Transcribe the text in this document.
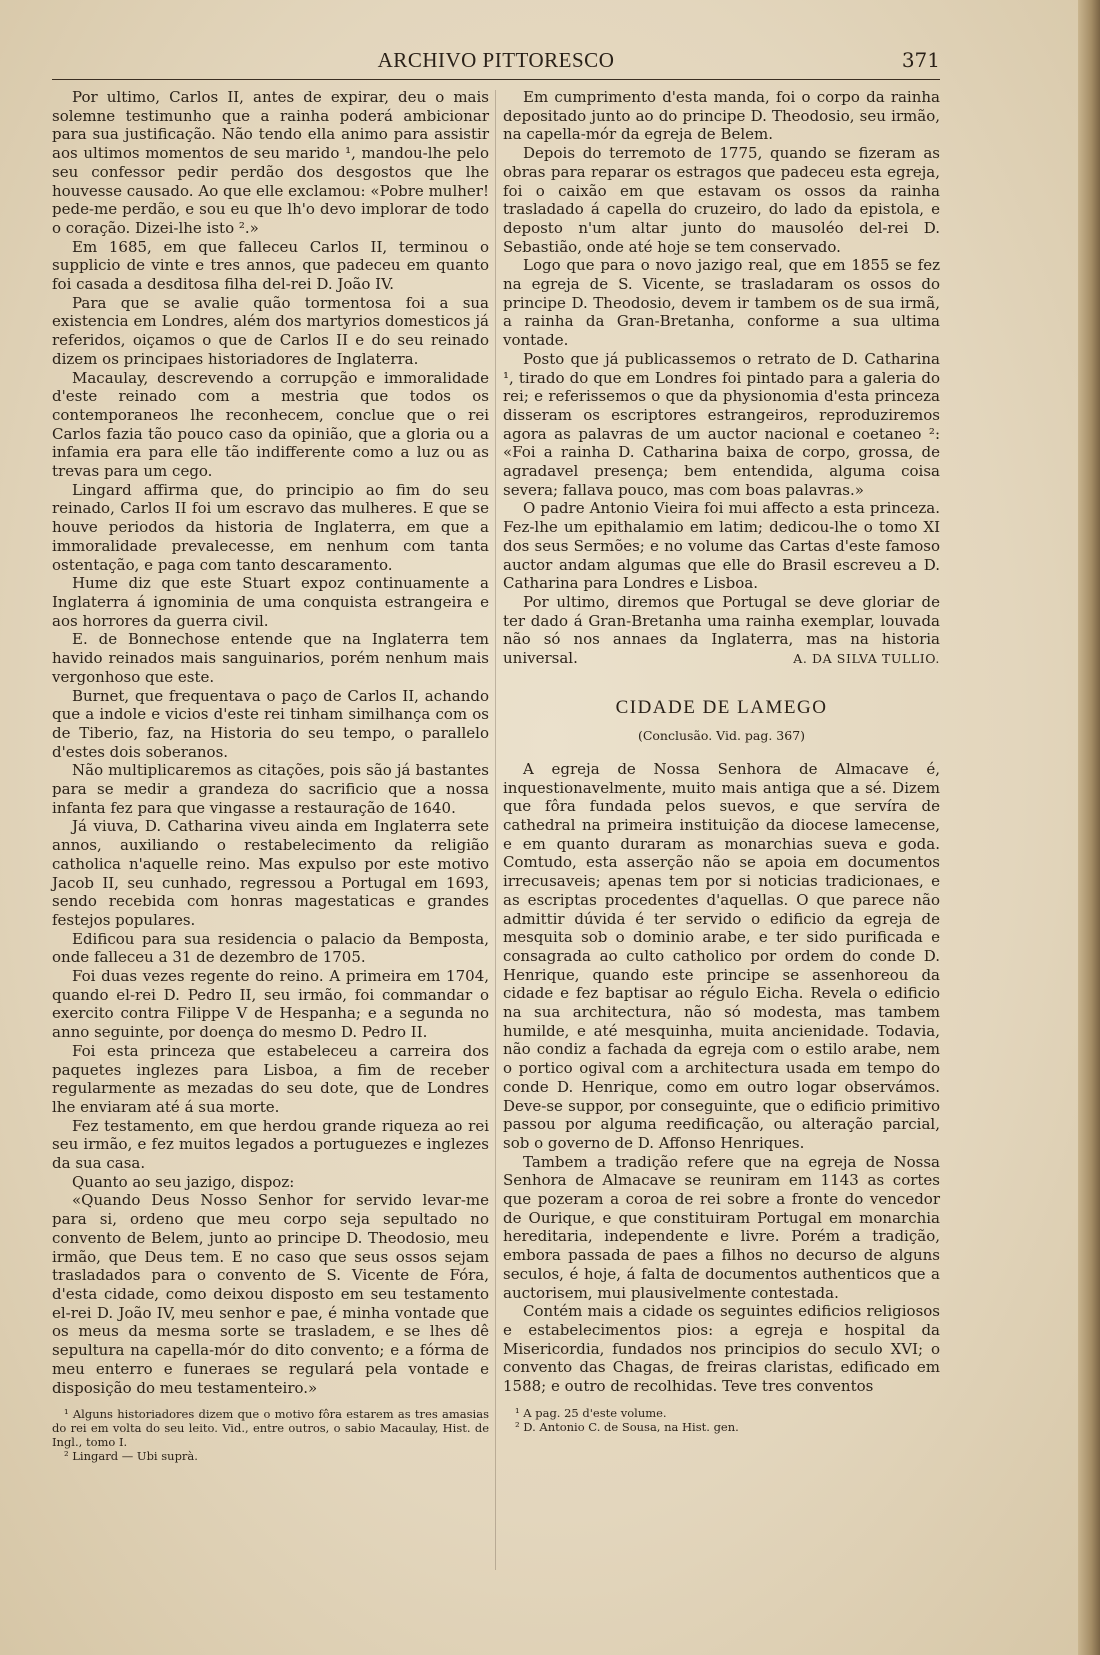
ARCHIVO PITTORESCO	371

Por ultimo, Carlos II, antes de expirar, deu o mais solemne testimunho que a rainha poderá ambicionar para sua justificação. Não tendo ella animo para assistir aos ultimos momentos de seu marido ¹, mandou-lhe pelo seu confessor pedir perdão dos desgostos que lhe houvesse causado. Ao que elle exclamou: «Pobre mulher! pede-me perdão, e sou eu que lh'o devo implorar de todo o coração. Dizei-lhe isto ².»

Em 1685, em que falleceu Carlos II, terminou o supplicio de vinte e tres annos, que padeceu em quanto foi casada a desditosa filha del-rei D. João IV.

Para que se avalie quão tormentosa foi a sua existencia em Londres, além dos martyrios domesticos já referidos, oiçamos o que de Carlos II e do seu reinado dizem os principaes historiadores de Inglaterra.

Macaulay, descrevendo a corrupção e immoralidade d'este reinado com a mestria que todos os contemporaneos lhe reconhecem, conclue que o rei Carlos fazia tão pouco caso da opinião, que a gloria ou a infamia era para elle tão indifferente como a luz ou as trevas para um cego.

Lingard affirma que, do principio ao fim do seu reinado, Carlos II foi um escravo das mulheres. E que se houve periodos da historia de Inglaterra, em que a immoralidade prevalecesse, em nenhum com tanta ostentação, e paga com tanto descaramento.

Hume diz que este Stuart expoz continuamente a Inglaterra á ignominia de uma conquista estrangeira e aos horrores da guerra civil.

E. de Bonnechose entende que na Inglaterra tem havido reinados mais sanguinarios, porém nenhum mais vergonhoso que este.

Burnet, que frequentava o paço de Carlos II, achando que a indole e vicios d'este rei tinham similhança com os de Tiberio, faz, na Historia do seu tempo, o parallelo d'estes dois soberanos.

Não multiplicaremos as citações, pois são já bastantes para se medir a grandeza do sacrificio que a nossa infanta fez para que vingasse a restauração de 1640.

Já viuva, D. Catharina viveu ainda em Inglaterra sete annos, auxiliando o restabelecimento da religião catholica n'aquelle reino. Mas expulso por este motivo Jacob II, seu cunhado, regressou a Portugal em 1693, sendo recebida com honras magestaticas e grandes festejos populares.

Edificou para sua residencia o palacio da Bemposta, onde falleceu a 31 de dezembro de 1705.

Foi duas vezes regente do reino. A primeira em 1704, quando el-rei D. Pedro II, seu irmão, foi commandar o exercito contra Filippe V de Hespanha; e a segunda no anno seguinte, por doença do mesmo D. Pedro II.

Foi esta princeza que estabeleceu a carreira dos paquetes inglezes para Lisboa, a fim de receber regularmente as mezadas do seu dote, que de Londres lhe enviaram até á sua morte.

Fez testamento, em que herdou grande riqueza ao rei seu irmão, e fez muitos legados a portuguezes e inglezes da sua casa.

Quanto ao seu jazigo, dispoz:

«Quando Deus Nosso Senhor for servido levar-me para si, ordeno que meu corpo seja sepultado no convento de Belem, junto ao principe D. Theodosio, meu irmão, que Deus tem. E no caso que seus ossos sejam trasladados para o convento de S. Vicente de Fóra, d'esta cidade, como deixou disposto em seu testamento el-rei D. João IV, meu senhor e pae, é minha vontade que os meus da mesma sorte se trasladem, e se lhes dê sepultura na capella-mór do dito convento; e a fórma de meu enterro e funeraes se regulará pela vontade e disposição do meu testamenteiro.»

¹ Alguns historiadores dizem que o motivo fôra estarem as tres amasias do rei em volta do seu leito. Vid., entre outros, o sabio Macaulay, Hist. de Ingl., tomo I.

² Lingard — Ubi suprà.

Em cumprimento d'esta manda, foi o corpo da rainha depositado junto ao do principe D. Theodosio, seu irmão, na capella-mór da egreja de Belem.

Depois do terremoto de 1775, quando se fizeram as obras para reparar os estragos que padeceu esta egreja, foi o caixão em que estavam os ossos da rainha trasladado á capella do cruzeiro, do lado da epistola, e deposto n'um altar junto do mausoléo del-rei D. Sebastião, onde até hoje se tem conservado.

Logo que para o novo jazigo real, que em 1855 se fez na egreja de S. Vicente, se trasladaram os ossos do principe D. Theodosio, devem ir tambem os de sua irmã, a rainha da Gran-Bretanha, conforme a sua ultima vontade.

Posto que já publicassemos o retrato de D. Catharina ¹, tirado do que em Londres foi pintado para a galeria do rei; e referissemos o que da physionomia d'esta princeza disseram os escriptores estrangeiros, reproduziremos agora as palavras de um auctor nacional e coetaneo ²: «Foi a rainha D. Catharina baixa de corpo, grossa, de agradavel presença; bem entendida, alguma coisa severa; fallava pouco, mas com boas palavras.»

O padre Antonio Vieira foi mui affecto a esta princeza. Fez-lhe um epithalamio em latim; dedicou-lhe o tomo XI dos seus Sermões; e no volume das Cartas d'este famoso auctor andam algumas que elle do Brasil escreveu a D. Catharina para Londres e Lisboa.

Por ultimo, diremos que Portugal se deve gloriar de ter dado á Gran-Bretanha uma rainha exemplar, louvada não só nos annaes da Inglaterra, mas na historia universal.	A. DA SILVA TULLIO.
CIDADE DE LAMEGO
(Conclusão. Vid. pag. 367)

A egreja de Nossa Senhora de Almacave é, inquestionavelmente, muito mais antiga que a sé. Dizem que fôra fundada pelos suevos, e que servíra de cathedral na primeira instituição da diocese lamecense, e em quanto duraram as monarchias sueva e goda. Comtudo, esta asserção não se apoia em documentos irrecusaveis; apenas tem por si noticias tradicionaes, e as escriptas procedentes d'aquellas. O que parece não admittir dúvida é ter servido o edificio da egreja de mesquita sob o dominio arabe, e ter sido purificada e consagrada ao culto catholico por ordem do conde D. Henrique, quando este principe se assenhoreou da cidade e fez baptisar ao régulo Eicha. Revela o edificio na sua architectura, não só modesta, mas tambem humilde, e até mesquinha, muita ancienidade. Todavia, não condiz a fachada da egreja com o estilo arabe, nem o portico ogival com a architectura usada em tempo do conde D. Henrique, como em outro logar observámos. Deve-se suppor, por conseguinte, que o edificio primitivo passou por alguma reedificação, ou alteração parcial, sob o governo de D. Affonso Henriques.

Tambem a tradição refere que na egreja de Nossa Senhora de Almacave se reuniram em 1143 as cortes que pozeram a coroa de rei sobre a fronte do vencedor de Ourique, e que constituiram Portugal em monarchia hereditaria, independente e livre. Porém a tradição, embora passada de paes a filhos no decurso de alguns seculos, é hoje, á falta de documentos authenticos que a auctorisem, mui plausivelmente contestada.

Contém mais a cidade os seguintes edificios religiosos e estabelecimentos pios: a egreja e hospital da Misericordia, fundados nos principios do seculo XVI; o convento das Chagas, de freiras claristas, edificado em 1588; e outro de recolhidas. Teve tres conventos

¹ A pag. 25 d'este volume.

² D. Antonio C. de Sousa, na Hist. gen.
